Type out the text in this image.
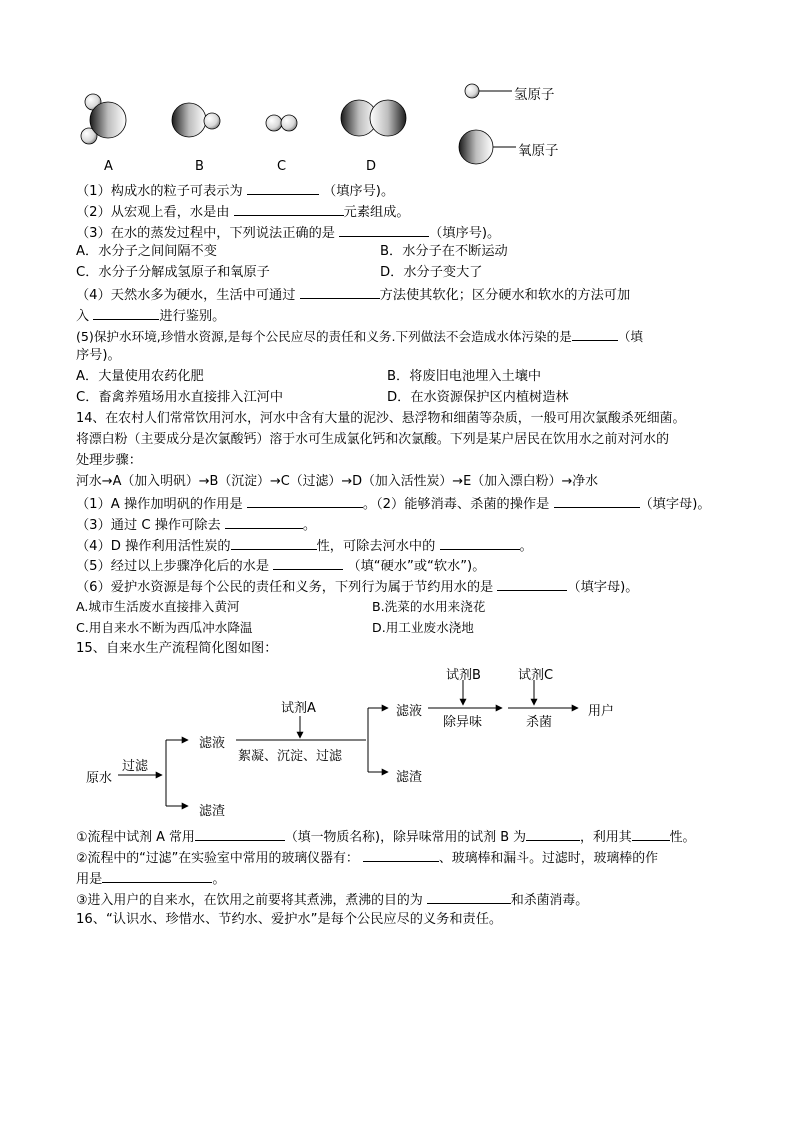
A	B	C	D
氢原子
氧原子
（1）构成水的粒子可表示为	（填序号)。
（2）从宏观上看，水是由	元素组成。
（3）在水的蒸发过程中，下列说法正确的是	（填序号)。
A．水分子之间间隔不变	B．水分子在不断运动
C．水分子分解成氢原子和氧原子	D．水分子变大了
（4）天然水多为硬水，生活中可通过	方法使其软化；区分硬水和软水的方法可加
入	进行鉴别。
(5)保护水环境,珍惜水资源,是每个公民应尽的责任和义务.下列做法不会造成水体污染的是	（填
序号)。
A．大量使用农药化肥	B．将废旧电池埋入土壤中
C．畜禽养殖场用水直接排入江河中	D．在水资源保护区内植树造林
14、在农村人们常常饮用河水，河水中含有大量的泥沙、悬浮物和细菌等杂质，一般可用次氯酸杀死细菌。
将漂白粉（主要成分是次氯酸钙）溶于水可生成氯化钙和次氯酸。下列是某户居民在饮用水之前对河水的
处理步骤：
河水→A（加入明矾）→B（沉淀）→C（过滤）→D（加入活性炭）→E（加入漂白粉）→净水
（1）A 操作加明矾的作用是	。（2）能够消毒、杀菌的操作是	（填字母)。
（3）通过 C 操作可除去	。
（4）D 操作利用活性炭的	性，可除去河水中的	。
（5）经过以上步骤净化后的水是	（填“硬水”或“软水”)。
（6）爱护水资源是每个公民的责任和义务，下列行为属于节约用水的是	（填字母)。
A.城市生活废水直接排入黄河	B.洗菜的水用来浇花
C.用自来水不断为西瓜冲水降温	D.用工业废水浇地
15、自来水生产流程简化图如图：
原水
过滤
滤液
滤渣
试剂A
絮凝、沉淀、过滤
滤液
滤渣
试剂B
除异味
试剂C
杀菌
用户
①流程中试剂 A 常用	（填一物质名称)，除异味常用的试剂 B 为	，利用其	性。
②流程中的“过滤”在实验室中常用的玻璃仪器有：	、玻璃棒和漏斗。过滤时，玻璃棒的作
用是	。
③进入用户的自来水，在饮用之前要将其煮沸，煮沸的目的为	和杀菌消毒。
16、“认识水、珍惜水、节约水、爱护水”是每个公民应尽的义务和责任。
